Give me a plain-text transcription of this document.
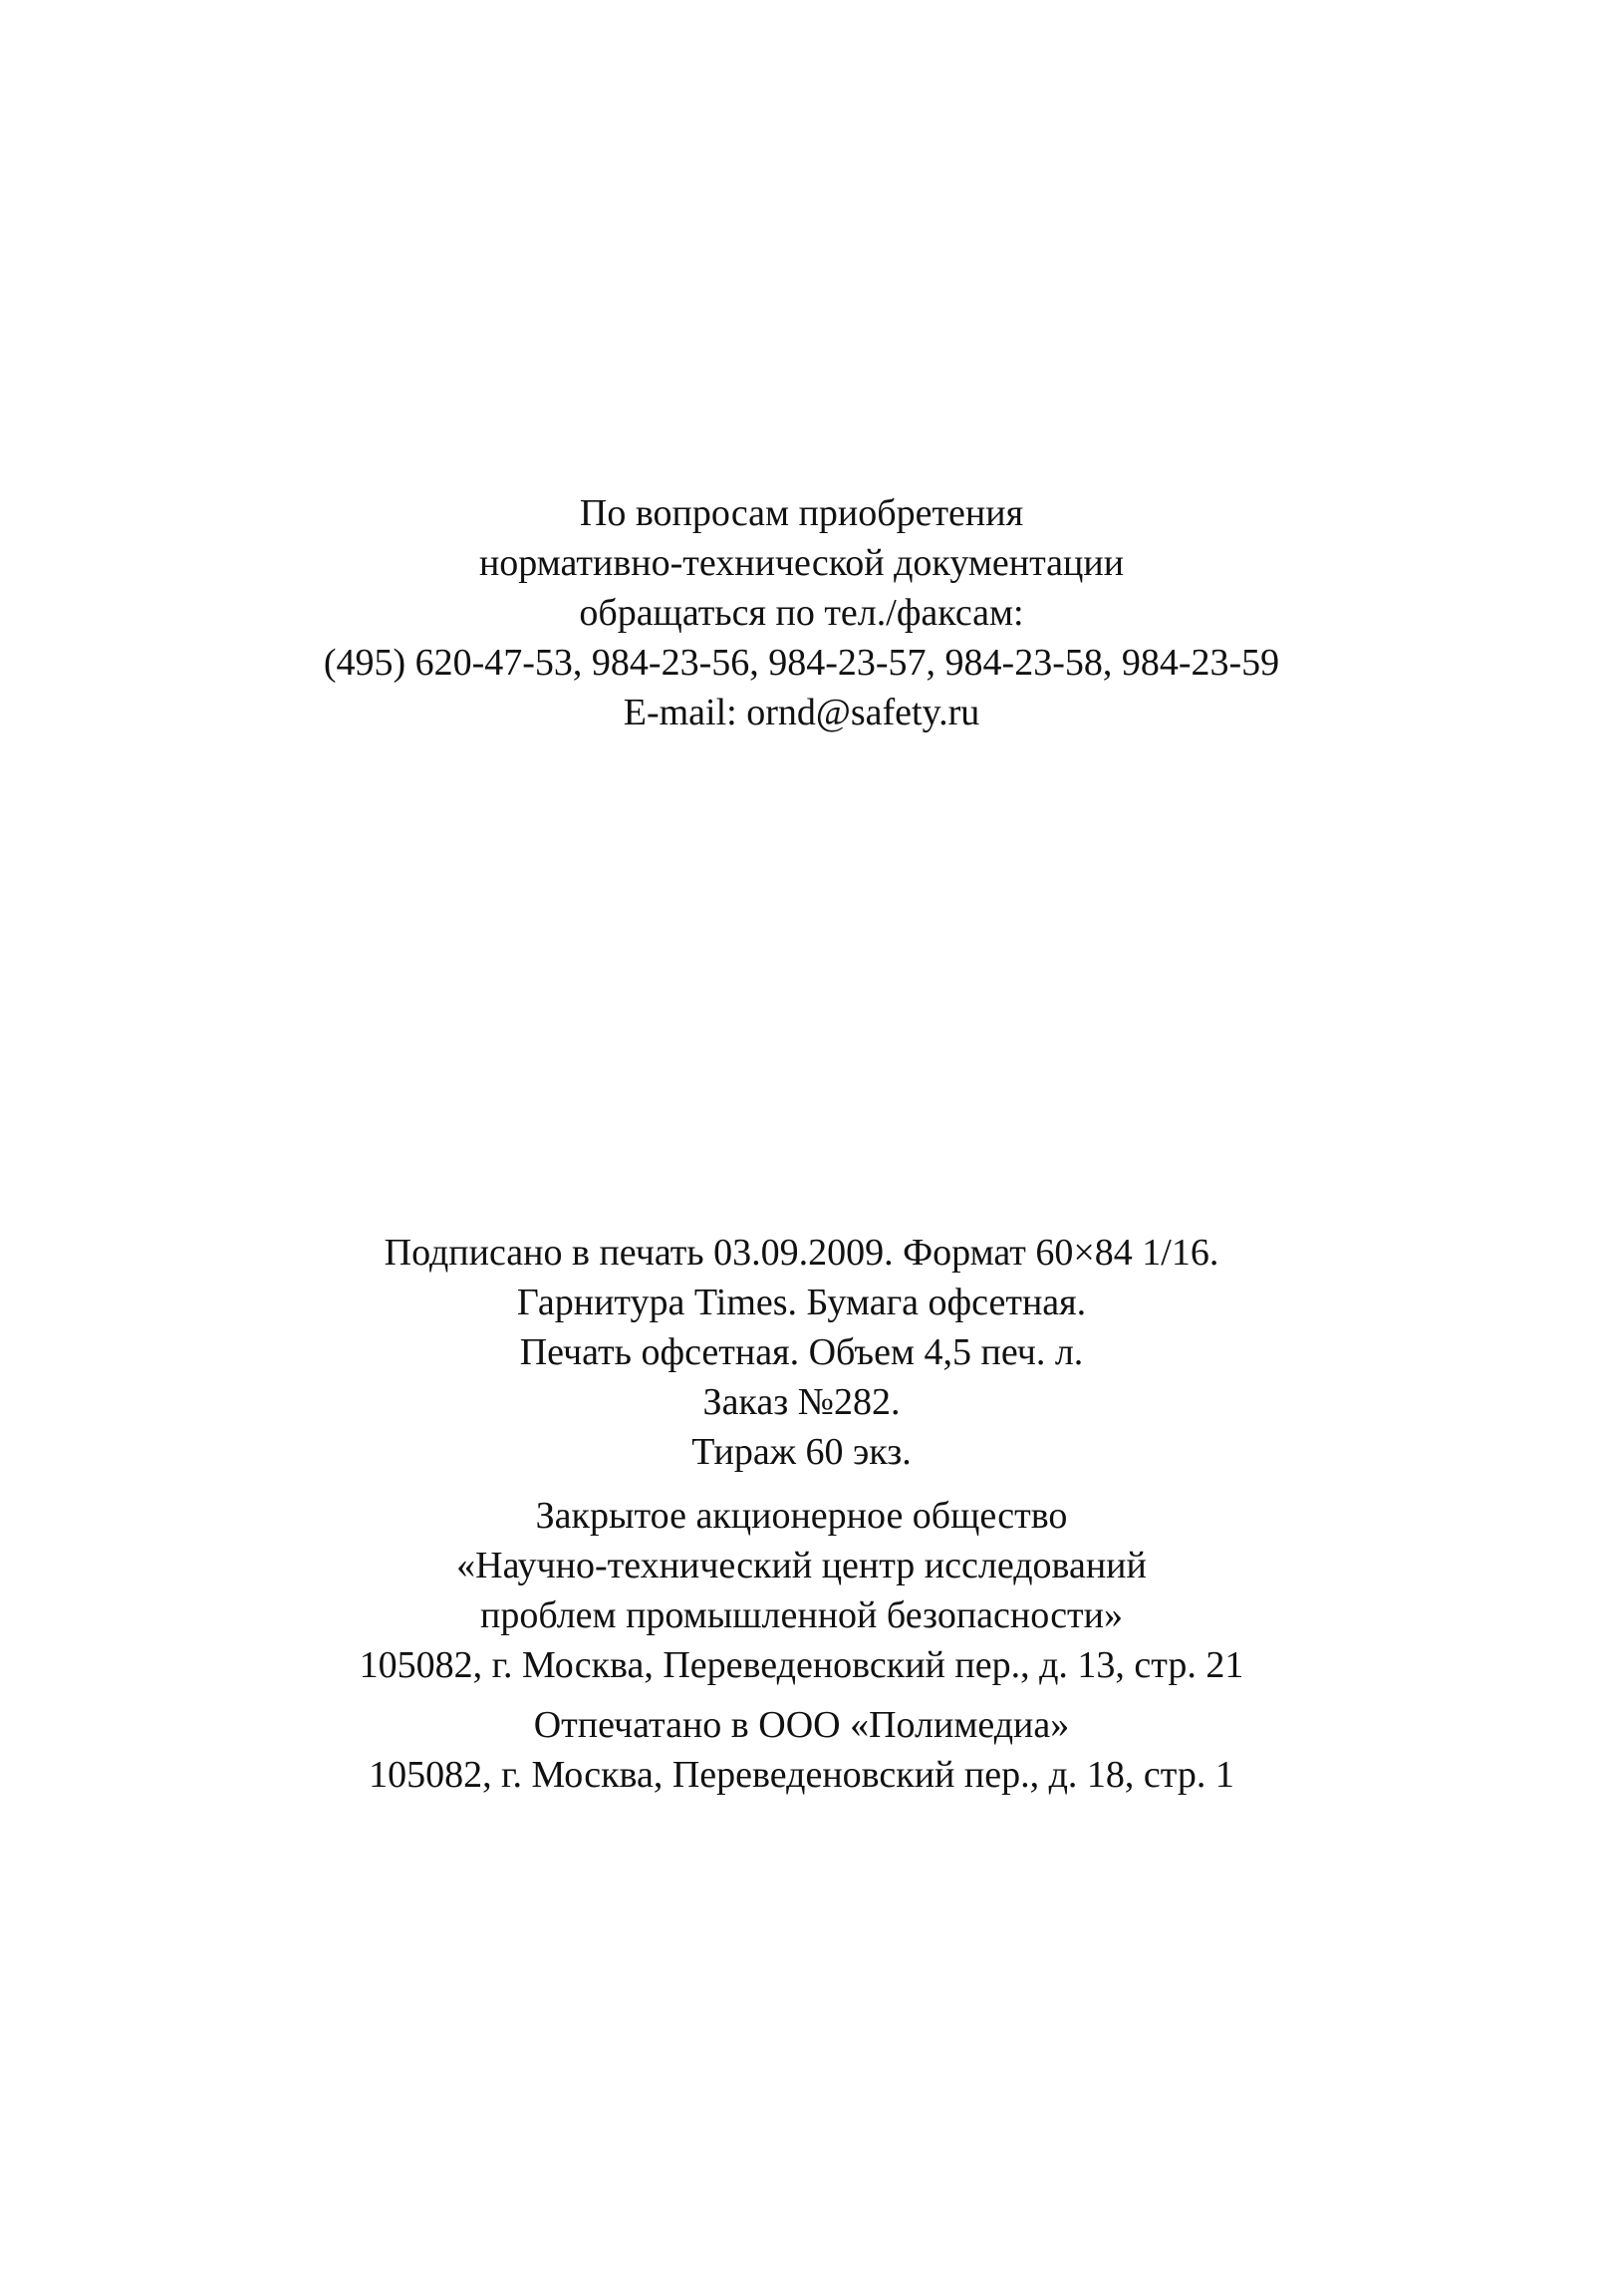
По вопросам приобретения
нормативно-технической документации
обращаться по тел./факсам:
(495) 620-47-53, 984-23-56, 984-23-57, 984-23-58, 984-23-59
E-mail: ornd@safety.ru
Подписано в печать 03.09.2009. Формат 60×84 1/16.
Гарнитура Times. Бумага офсетная.
Печать офсетная. Объем 4,5 печ. л.
Заказ №282.
Тираж 60 экз.
Закрытое акционерное общество
«Научно-технический центр исследований
проблем промышленной безопасности»
105082, г. Москва, Переведеновский пер., д. 13, стр. 21
Отпечатано в ООО «Полимедиа»
105082, г. Москва, Переведеновский пер., д. 18, стр. 1
